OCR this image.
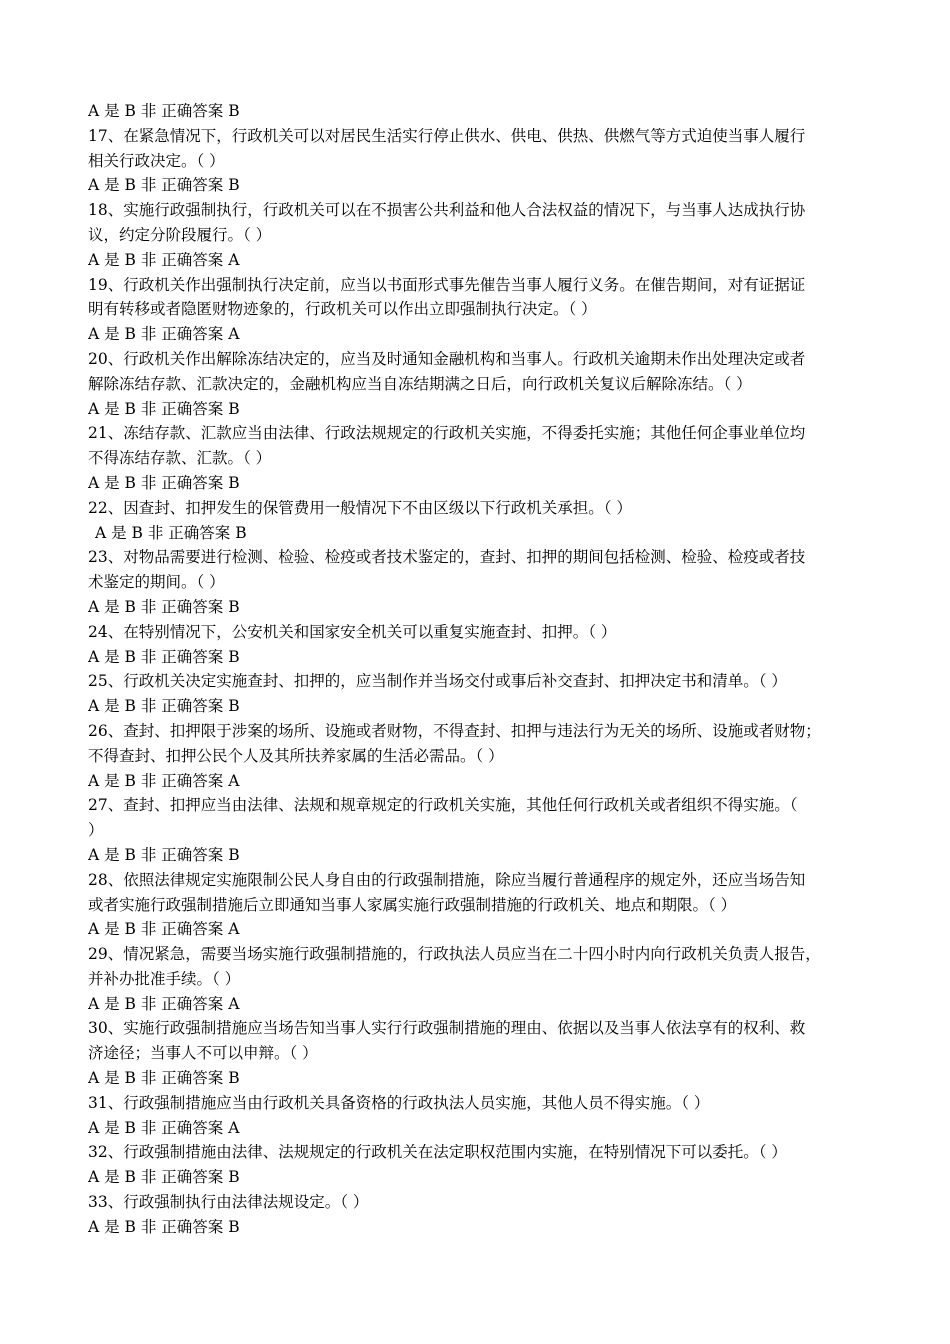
A 是 B 非 正确答案 B
17、在紧急情况下，行政机关可以对居民生活实行停止供水、供电、供热、供燃气等方式迫使当事人履行
相关行政决定。（ ）
A 是 B 非 正确答案 B
18、实施行政强制执行，行政机关可以在不损害公共利益和他人合法权益的情况下，与当事人达成执行协
议，约定分阶段履行。（ ）
A 是 B 非 正确答案 A
19、行政机关作出强制执行决定前，应当以书面形式事先催告当事人履行义务。在催告期间，对有证据证
明有转移或者隐匿财物迹象的，行政机关可以作出立即强制执行决定。（ ）
A 是 B 非 正确答案 A
20、行政机关作出解除冻结决定的，应当及时通知金融机构和当事人。行政机关逾期未作出处理决定或者
解除冻结存款、汇款决定的，金融机构应当自冻结期满之日后，向行政机关复议后解除冻结。（ ）
A 是 B 非 正确答案 B
21、冻结存款、汇款应当由法律、行政法规规定的行政机关实施，不得委托实施；其他任何企事业单位均
不得冻结存款、汇款。（ ）
A 是 B 非 正确答案 B
22、因查封、扣押发生的保管费用一般情况下不由区级以下行政机关承担。（ ）
A 是 B 非 正确答案 B
23、对物品需要进行检测、检验、检疫或者技术鉴定的，查封、扣押的期间包括检测、检验、检疫或者技
术鉴定的期间。（ ）
A 是 B 非 正确答案 B
24、在特别情况下，公安机关和国家安全机关可以重复实施查封、扣押。（ ）
A 是 B 非 正确答案 B
25、行政机关决定实施查封、扣押的，应当制作并当场交付或事后补交查封、扣押决定书和清单。（ ）
A 是 B 非 正确答案 B
26、查封、扣押限于涉案的场所、设施或者财物，不得查封、扣押与违法行为无关的场所、设施或者财物；
不得查封、扣押公民个人及其所扶养家属的生活必需品。（ ）
A 是 B 非 正确答案 A
27、查封、扣押应当由法律、法规和规章规定的行政机关实施，其他任何行政机关或者组织不得实施。（
）
A 是 B 非 正确答案 B
28、依照法律规定实施限制公民人身自由的行政强制措施，除应当履行普通程序的规定外，还应当场告知
或者实施行政强制措施后立即通知当事人家属实施行政强制措施的行政机关、地点和期限。（ ）
A 是 B 非 正确答案 A
29、情况紧急，需要当场实施行政强制措施的，行政执法人员应当在二十四小时内向行政机关负责人报告，
并补办批准手续。（ ）
A 是 B 非 正确答案 A
30、实施行政强制措施应当场告知当事人实行行政强制措施的理由、依据以及当事人依法享有的权利、救
济途径；当事人不可以申辩。（ ）
A 是 B 非 正确答案 B
31、行政强制措施应当由行政机关具备资格的行政执法人员实施，其他人员不得实施。（ ）
A 是 B 非 正确答案 A
32、行政强制措施由法律、法规规定的行政机关在法定职权范围内实施，在特别情况下可以委托。（ ）
A 是 B 非 正确答案 B
33、行政强制执行由法律法规设定。（ ）
A 是 B 非 正确答案 B
